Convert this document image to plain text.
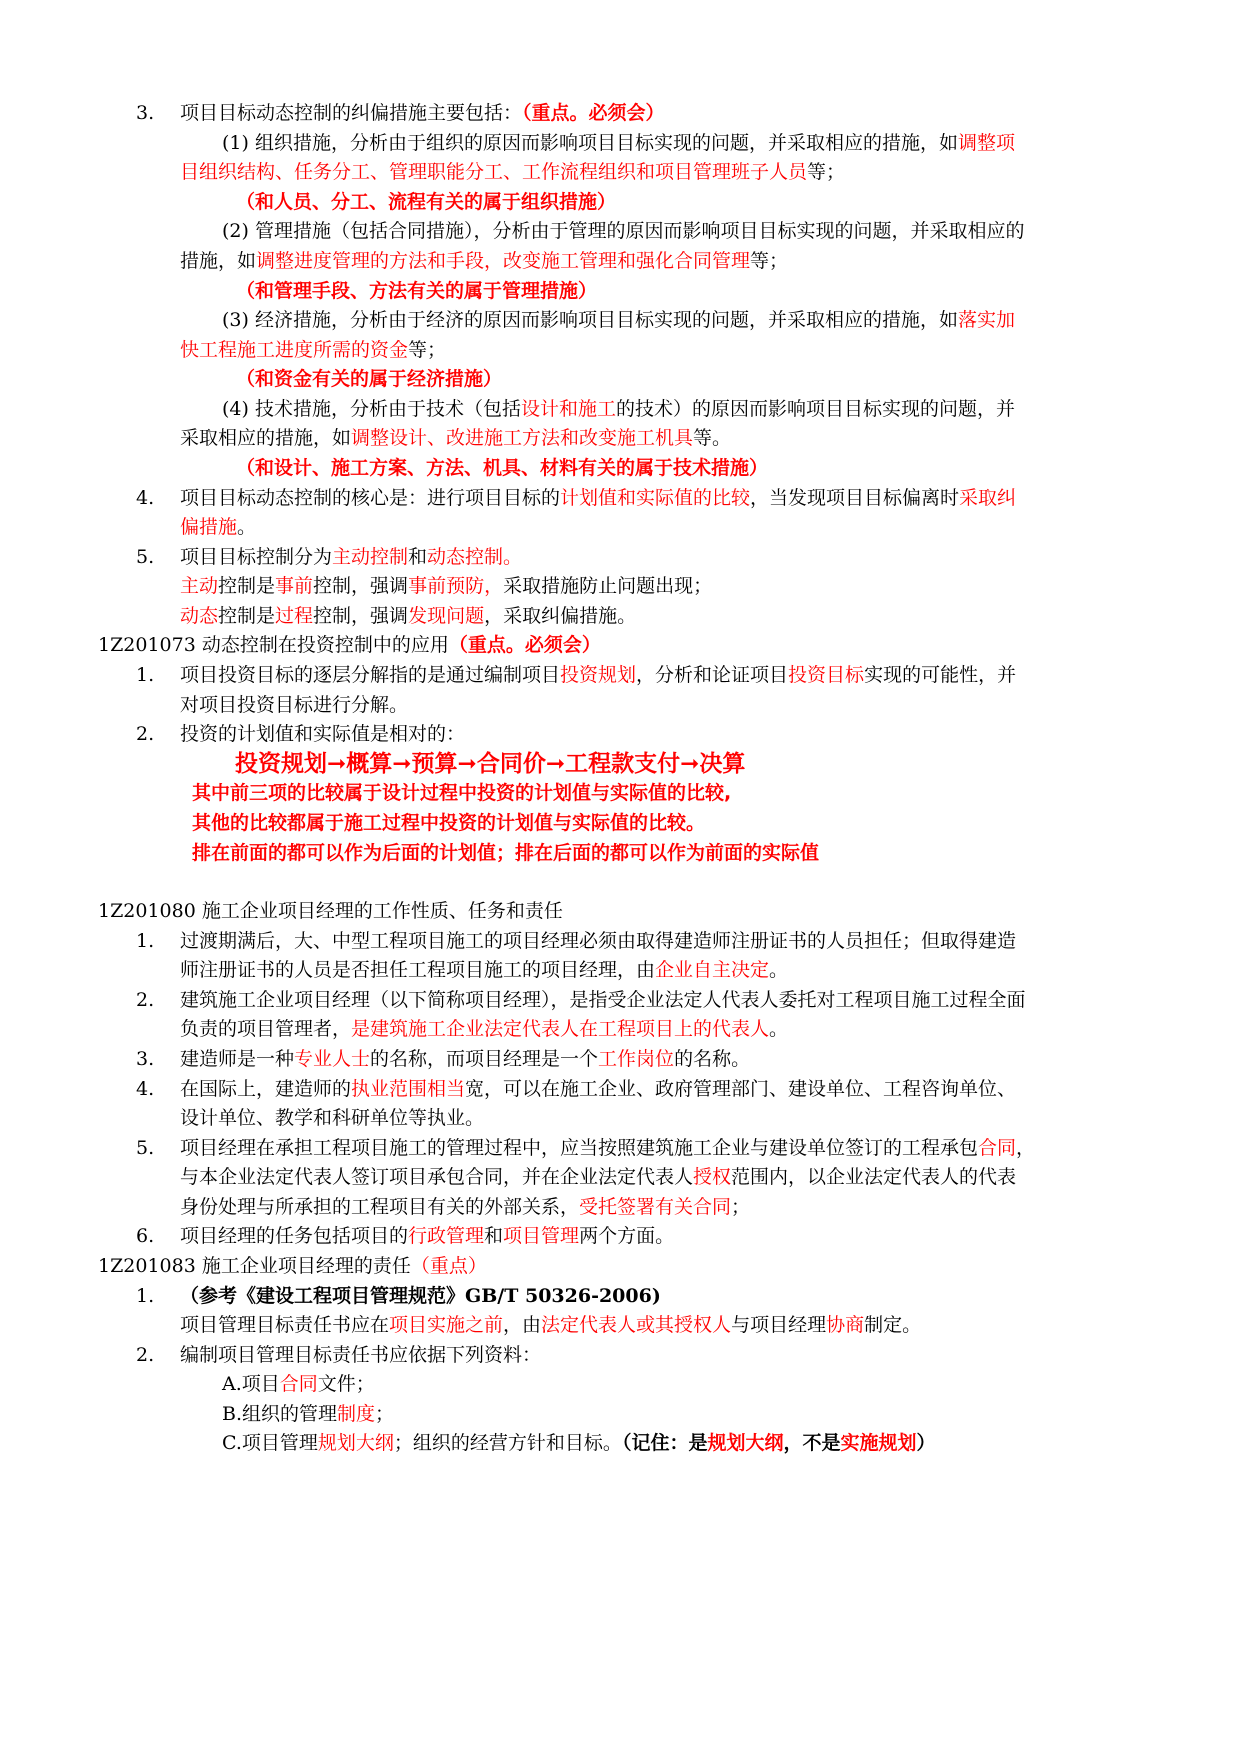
3. 项目目标动态控制的纠偏措施主要包括：（重点。必须会）
(1) 组织措施，分析由于组织的原因而影响项目目标实现的问题，并采取相应的措施，如调整项
目组织结构、任务分工、管理职能分工、工作流程组织和项目管理班子人员等；
（和人员、分工、流程有关的属于组织措施）
(2) 管理措施（包括合同措施），分析由于管理的原因而影响项目目标实现的问题，并采取相应的
措施，如调整进度管理的方法和手段，改变施工管理和强化合同管理等；
（和管理手段、方法有关的属于管理措施）
(3) 经济措施，分析由于经济的原因而影响项目目标实现的问题，并采取相应的措施，如落实加
快工程施工进度所需的资金等；
（和资金有关的属于经济措施）
(4) 技术措施，分析由于技术（包括设计和施工的技术）的原因而影响项目目标实现的问题，并
采取相应的措施，如调整设计、改进施工方法和改变施工机具等。
（和设计、施工方案、方法、机具、材料有关的属于技术措施）
4. 项目目标动态控制的核心是：进行项目目标的计划值和实际值的比较，当发现项目目标偏离时采取纠
偏措施。
5. 项目目标控制分为主动控制和动态控制。
主动控制是事前控制，强调事前预防，采取措施防止问题出现；
动态控制是过程控制，强调发现问题，采取纠偏措施。
1Z201073 动态控制在投资控制中的应用（重点。必须会）
1. 项目投资目标的逐层分解指的是通过编制项目投资规划，分析和论证项目投资目标实现的可能性，并
对项目投资目标进行分解。
2. 投资的计划值和实际值是相对的：
投资规划➞概算➞预算➞合同价➞工程款支付➞决算
其中前三项的比较属于设计过程中投资的计划值与实际值的比较,
其他的比较都属于施工过程中投资的计划值与实际值的比较。
排在前面的都可以作为后面的计划值；排在后面的都可以作为前面的实际值
1Z201080 施工企业项目经理的工作性质、任务和责任
1. 过渡期满后，大、中型工程项目施工的项目经理必须由取得建造师注册证书的人员担任；但取得建造
师注册证书的人员是否担任工程项目施工的项目经理，由企业自主决定。
2. 建筑施工企业项目经理（以下简称项目经理），是指受企业法定人代表人委托对工程项目施工过程全面
负责的项目管理者，是建筑施工企业法定代表人在工程项目上的代表人。
3. 建造师是一种专业人士的名称，而项目经理是一个工作岗位的名称。
4. 在国际上，建造师的执业范围相当宽，可以在施工企业、政府管理部门、建设单位、工程咨询单位、
设计单位、教学和科研单位等执业。
5. 项目经理在承担工程项目施工的管理过程中，应当按照建筑施工企业与建设单位签订的工程承包合同，
与本企业法定代表人签订项目承包合同，并在企业法定代表人授权范围内，以企业法定代表人的代表
身份处理与所承担的工程项目有关的外部关系，受托签署有关合同；
6. 项目经理的任务包括项目的行政管理和项目管理两个方面。
1Z201083 施工企业项目经理的责任（重点）
1. （参考《建设工程项目管理规范》GB/T 50326-2006)
项目管理目标责任书应在项目实施之前，由法定代表人或其授权人与项目经理协商制定。
2. 编制项目管理目标责任书应依据下列资料：
A.项目合同文件；
B.组织的管理制度；
C.项目管理规划大纲；组织的经营方针和目标。（记住：是规划大纲，不是实施规划）
